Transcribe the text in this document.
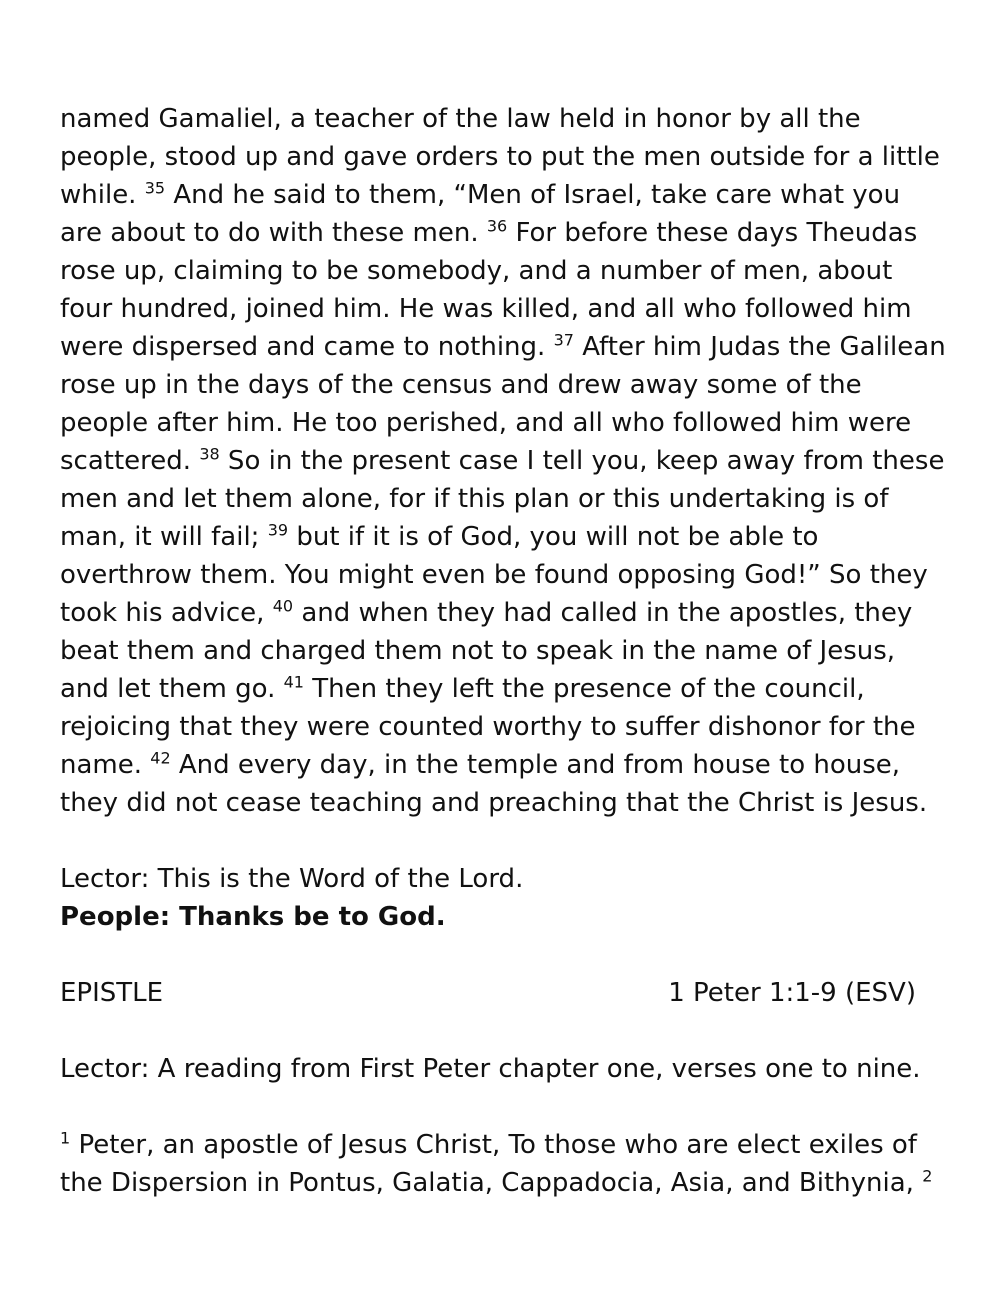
named Gamaliel, a teacher of the law held in honor by all the people, stood up and gave orders to put the men outside for a little while. $^{35}$ And he said to them, “Men of Israel, take care what you are about to do with these men. $^{36}$ For before these days Theudas rose up, claiming to be somebody, and a number of men, about four hundred, joined him. He was killed, and all who followed him were dispersed and came to nothing. $^{37}$ After him Judas the Galilean rose up in the days of the census and drew away some of the people after him. He too perished, and all who followed him were scattered. $^{38}$ So in the present case I tell you, keep away from these men and let them alone, for if this plan or this undertaking is of man, it will fail; $^{39}$ but if it is of God, you will not be able to overthrow them. You might even be found opposing God!” So they took his advice, $^{40}$ and when they had called in the apostles, they beat them and charged them not to speak in the name of Jesus, and let them go. $^{41}$ Then they left the presence of the council, rejoicing that they were counted worthy to suffer dishonor for the name. $^{42}$ And every day, in the temple and from house to house, they did not cease teaching and preaching that the Christ is Jesus.

Lector: This is the Word of the Lord.

People: Thanks be to God.

EPISTLE	1 Peter 1:1-9 (ESV)

Lector: A reading from First Peter chapter one, verses one to nine.

$^1$ Peter, an apostle of Jesus Christ, To those who are elect exiles of the Dispersion in Pontus, Galatia, Cappadocia, Asia, and Bithynia, $^2$
